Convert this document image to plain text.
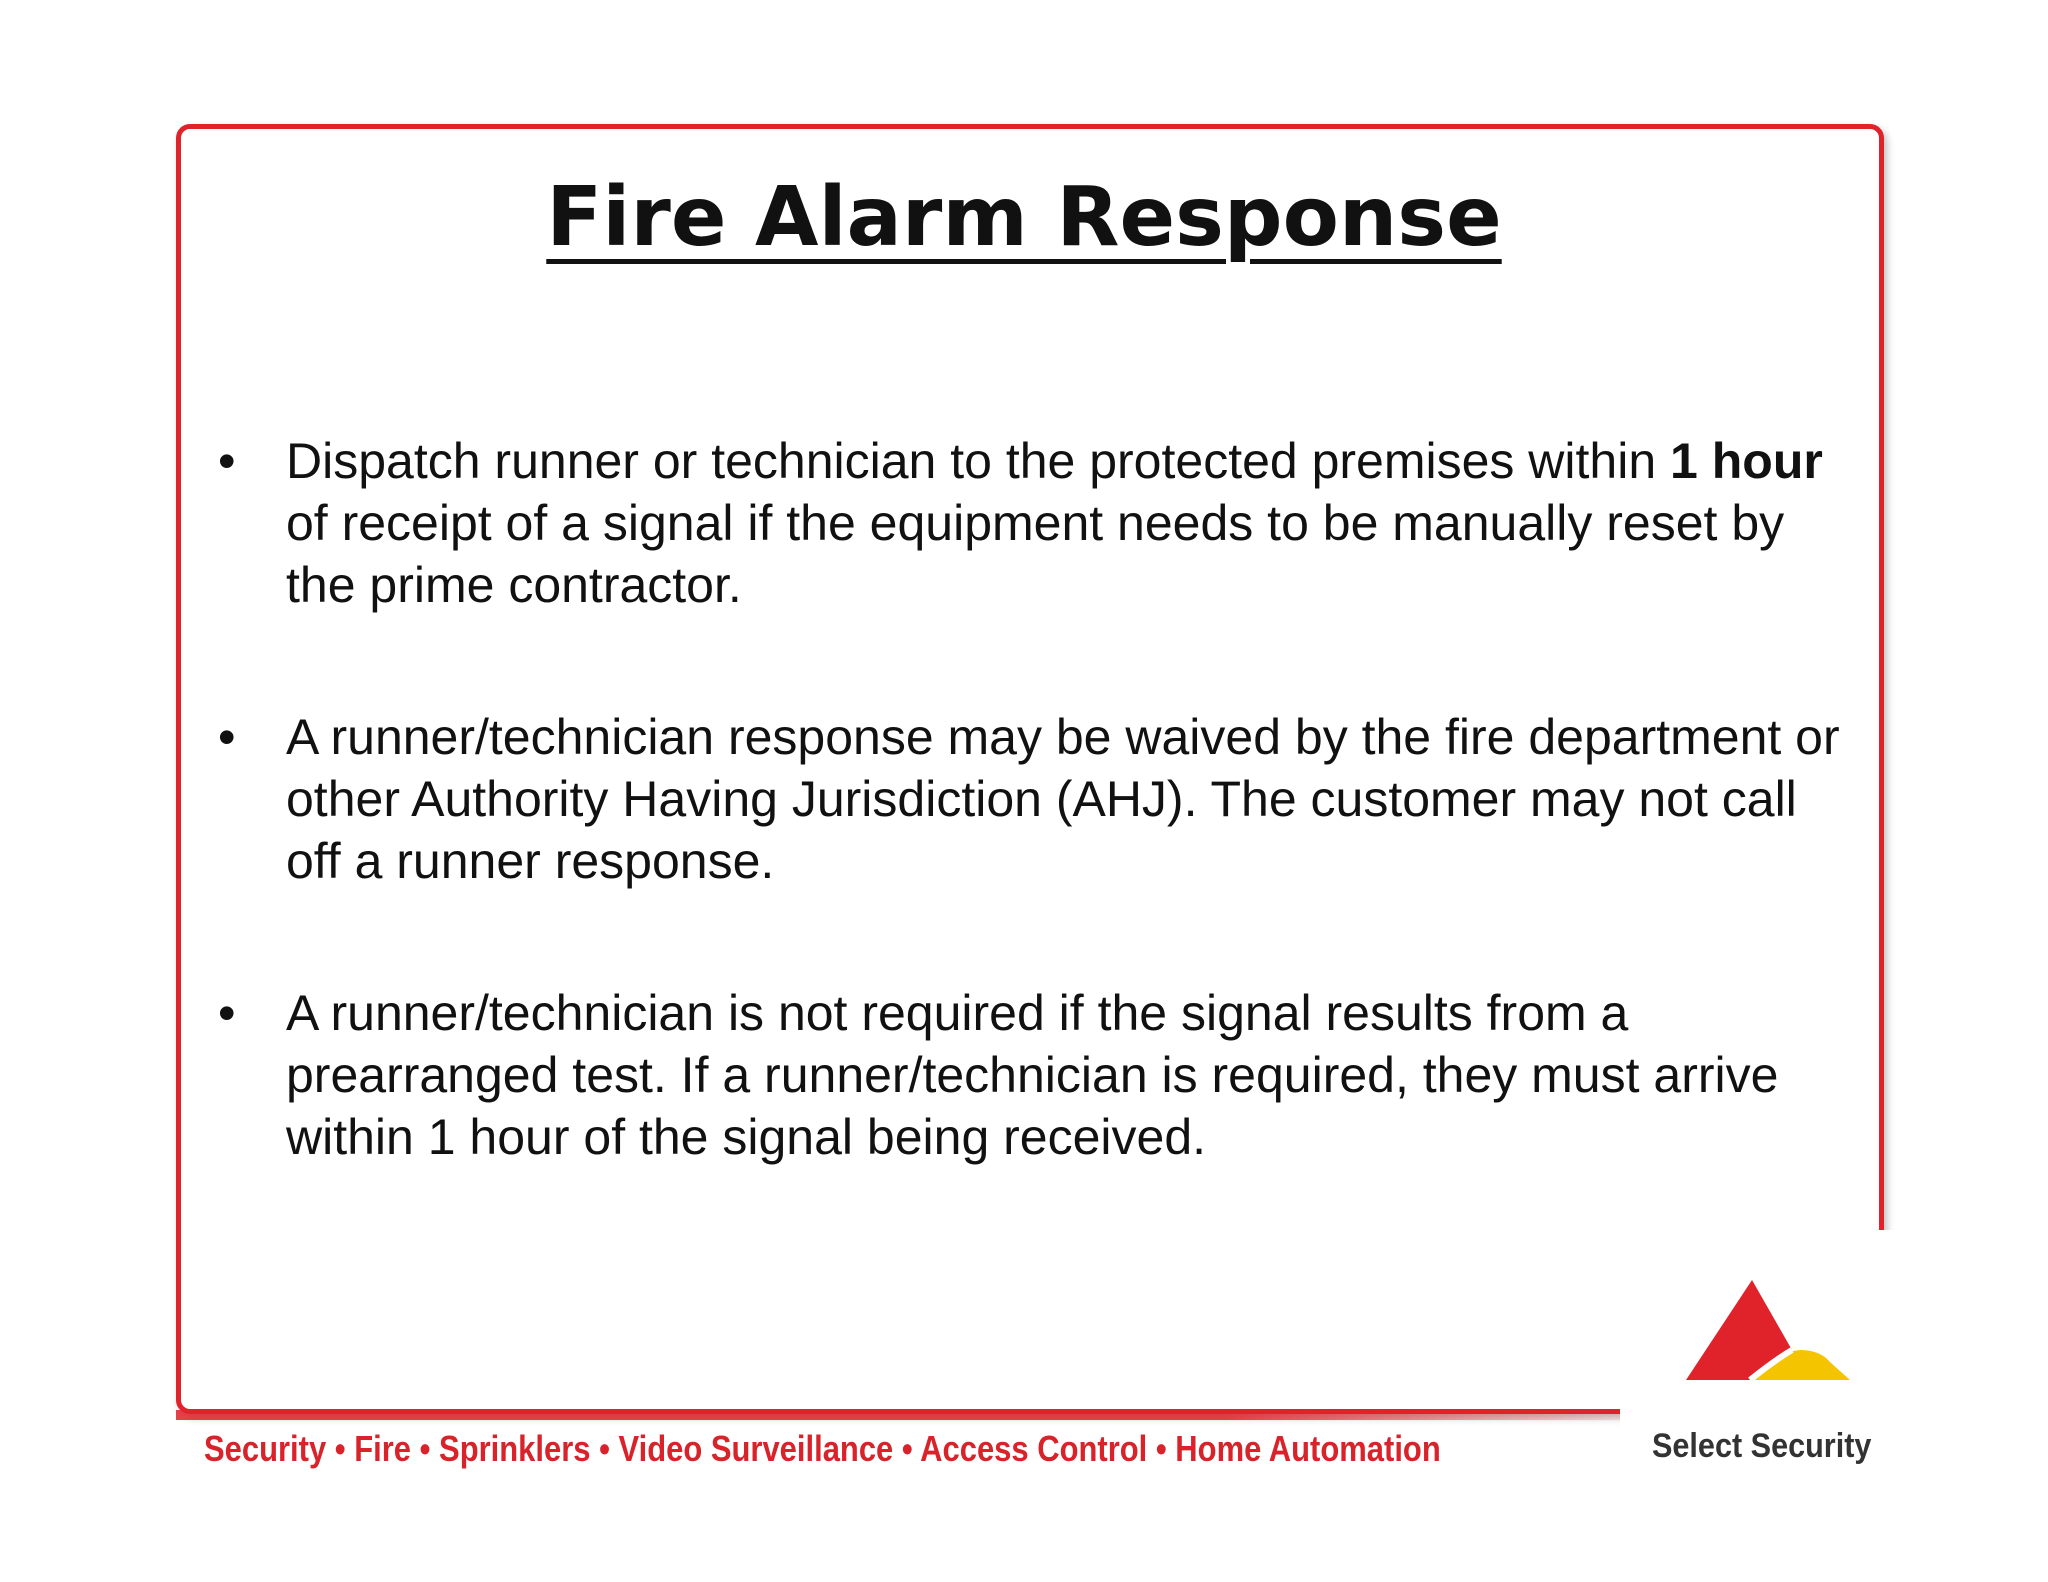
Fire Alarm Response
• Dispatch runner or technician to the protected premises within 1 hour of receipt of a signal if the equipment needs to be manually reset by the prime contractor.
• A runner/technician response may be waived by the fire department or other Authority Having Jurisdiction (AHJ). The customer may not call off a runner response.
• A runner/technician is not required if the signal results from a prearranged test. If a runner/technician is required, they must arrive within 1 hour of the signal being received.
Security • Fire • Sprinklers • Video Surveillance • Access Control • Home Automation	Select Security
